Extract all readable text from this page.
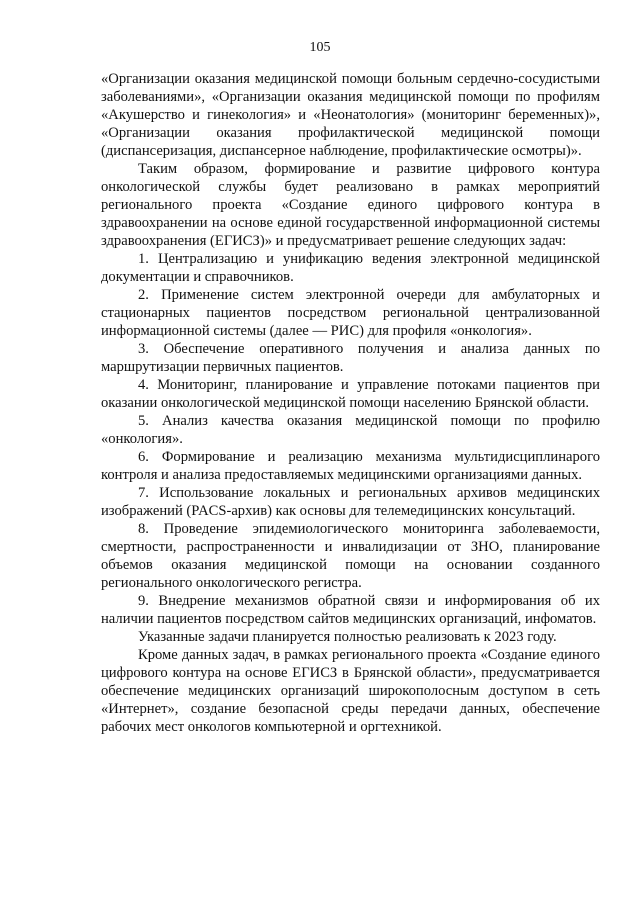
105

«Организации оказания медицинской помощи больным сердечно-сосудистыми заболеваниями», «Организации оказания медицинской помощи по профилям «Акушерство и гинекология» и «Неонатология» (мониторинг беременных)», «Организации оказания профилактической медицинской помощи (диспансеризация, диспансерное наблюдение, профилактические осмотры)».

Таким образом, формирование и развитие цифрового контура онкологической службы будет реализовано в рамках мероприятий регионального проекта «Создание единого цифрового контура в здравоохранении на основе единой государственной информационной системы здравоохранения (ЕГИСЗ)» и предусматривает решение следующих задач:

1. Централизацию и унификацию ведения электронной медицинской документации и справочников.

2. Применение систем электронной очереди для амбулаторных и стационарных пациентов посредством региональной централизованной информационной системы (далее — РИС) для профиля «онкология».

3. Обеспечение оперативного получения и анализа данных по маршрутизации первичных пациентов.

4. Мониторинг, планирование и управление потоками пациентов при оказании онкологической медицинской помощи населению Брянской области.

5. Анализ качества оказания медицинской помощи по профилю «онкология».

6. Формирование и реализацию механизма мультидисциплинарого контроля и анализа предоставляемых медицинскими организациями данных.

7. Использование локальных и региональных архивов медицинских изображений (PACS-архив) как основы для телемедицинских консультаций.

8. Проведение эпидемиологического мониторинга заболеваемости, смертности, распространенности и инвалидизации от ЗНО, планирование объемов оказания медицинской помощи на основании созданного регионального онкологического регистра.

9. Внедрение механизмов обратной связи и информирования об их наличии пациентов посредством сайтов медицинских организаций, инфоматов.

Указанные задачи планируется полностью реализовать к 2023 году.

Кроме данных задач, в рамках регионального проекта «Создание единого цифрового контура на основе ЕГИСЗ в Брянской области», предусматривается обеспечение медицинских организаций широкополосным доступом в сеть «Интернет», создание безопасной среды передачи данных, обеспечение рабочих мест онкологов компьютерной и оргтехникой.
